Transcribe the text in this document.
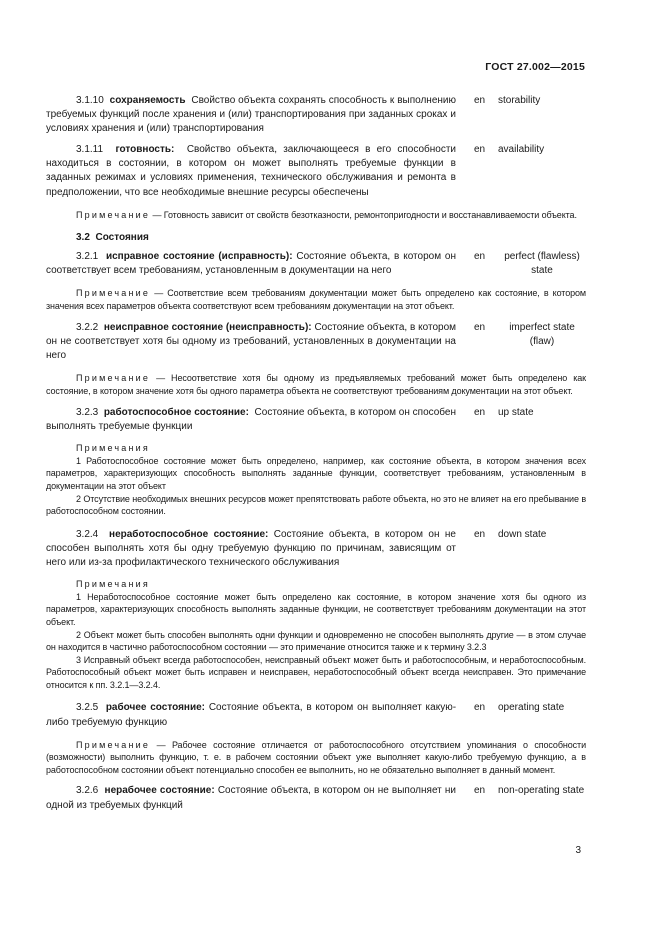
ГОСТ 27.002—2015
3.1.10 сохраняемость Свойство объекта сохранять способность к выполнению требуемых функций после хранения и (или) транспортирования при заданных сроках и условиях хранения и (или) транспортирования
en	storability
3.1.11 готовность: Свойство объекта, заключающееся в его способности находиться в состоянии, в котором он может выполнять требуемые функции в заданных режимах и условиях применения, технического обслуживания и ремонта в предположении, что все необходимые внешние ресурсы обеспечены
en	availability
Примечание — Готовность зависит от свойств безотказности, ремонтопригодности и восстанавливаемости объекта.
3.2 Состояния
3.2.1 исправное состояние (исправность): Состояние объекта, в котором он соответствует всем требованиям, установленным в документации на него
en	perfect (flawless) state
Примечание — Соответствие всем требованиям документации может быть определено как состояние, в котором значения всех параметров объекта соответствуют всем требованиям документации на этот объект.
3.2.2 неисправное состояние (неисправность): Состояние объекта, в котором он не соответствует хотя бы одному из требований, установленных в документации на него
en	imperfect state (flaw)
Примечание — Несоответствие хотя бы одному из предъявляемых требований может быть определено как состояние, в котором значение хотя бы одного параметра объекта не соответствуют требованиям документации на этот объект.
3.2.3 работоспособное состояние: Состояние объекта, в котором он способен выполнять требуемые функции
en	up state
Примечания
1 Работоспособное состояние может быть определено, например, как состояние объекта, в котором значения всех параметров, характеризующих способность выполнять заданные функции, соответствует требованиям, установленным в документации на этот объект
2 Отсутствие необходимых внешних ресурсов может препятствовать работе объекта, но это не влияет на его пребывание в работоспособном состоянии.
3.2.4 неработоспособное состояние: Состояние объекта, в котором он не способен выполнять хотя бы одну требуемую функцию по причинам, зависящим от него или из-за профилактического технического обслуживания
en	down state
Примечания
1 Неработоспособное состояние может быть определено как состояние, в котором значение хотя бы одного из параметров, характеризующих способность выполнять заданные функции, не соответствует требованиям документации на этот объект.
2 Объект может быть способен выполнять одни функции и одновременно не способен выполнять другие — в этом случае он находится в частично работоспособном состоянии — это примечание относится также и к термину 3.2.3
3 Исправный объект всегда работоспособен, неисправный объект может быть и работоспособным, и неработоспособным. Работоспособный объект может быть исправен и неисправен, неработоспособный объект всегда неисправен. Это примечание относится к пп. 3.2.1—3.2.4.
3.2.5 рабочее состояние: Состояние объекта, в котором он выполняет какую-либо требуемую функцию
en	operating state
Примечание — Рабочее состояние отличается от работоспособного отсутствием упоминания о способности (возможности) выполнить функцию, т. е. в рабочем состоянии объект уже выполняет какую-либо требуемую функцию, а в работоспособном состоянии объект потенциально способен ее выполнить, но не обязательно выполняет в данный момент.
3.2.6 нерабочее состояние: Состояние объекта, в котором он не выполняет ни одной из требуемых функций
en	non-operating state
3
